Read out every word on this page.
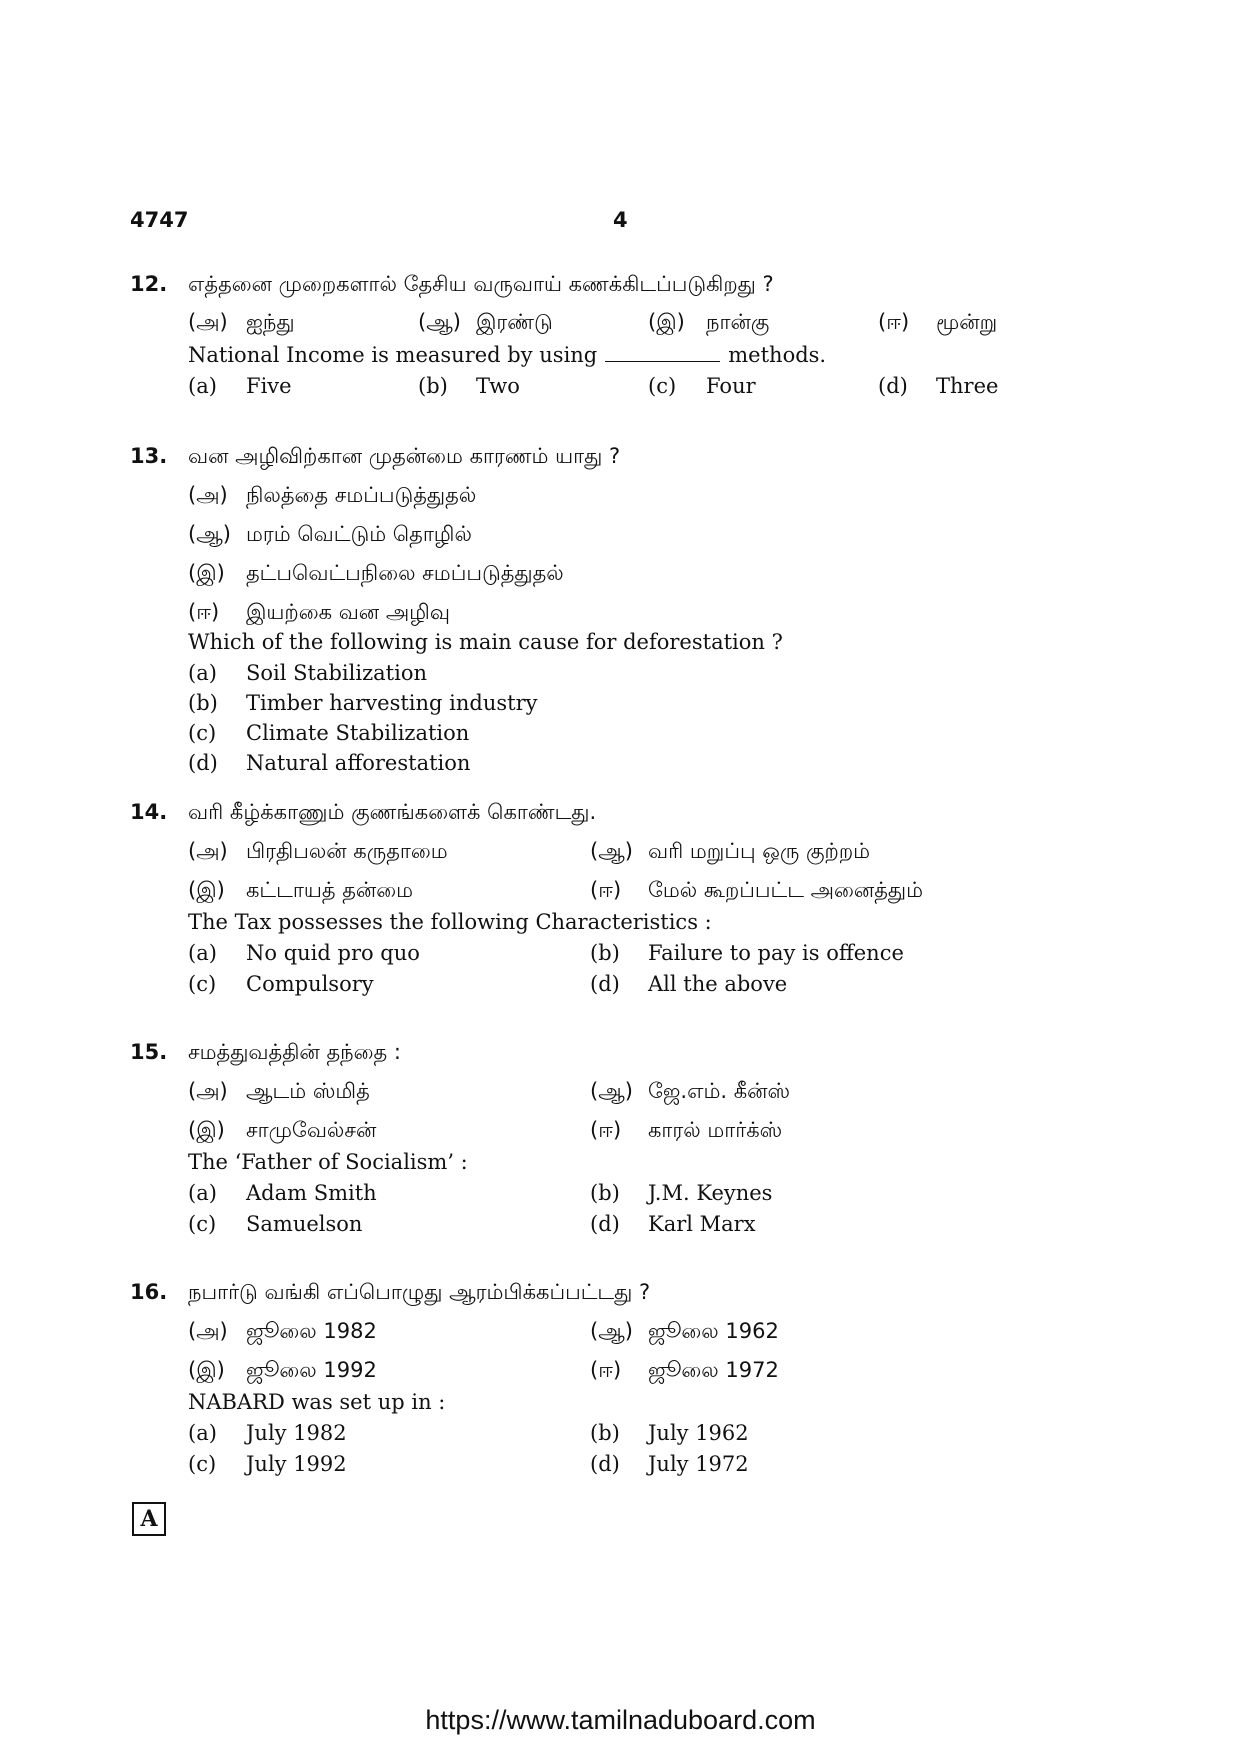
4747	4
12. எத்தனை முறைகளால் தேசிய வருவாய் கணக்கிடப்படுகிறது ?
(அ) ஐந்து	(ஆ) இரண்டு	(இ) நான்கு	(ஈ) மூன்று
National Income is measured by using	methods.
(a) Five	(b) Two	(c) Four	(d) Three
13. வன அழிவிற்கான முதன்மை காரணம் யாது ?
(அ) நிலத்தை சமப்படுத்துதல்
(ஆ) மரம் வெட்டும் தொழில்
(இ) தட்பவெட்பநிலை சமப்படுத்துதல்
(ஈ) இயற்கை வன அழிவு
Which of the following is main cause for deforestation ?
(a) Soil Stabilization
(b) Timber harvesting industry
(c) Climate Stabilization
(d) Natural afforestation
14. வரி கீழ்க்காணும் குணங்களைக் கொண்டது.
(அ) பிரதிபலன் கருதாமை	(ஆ) வரி மறுப்பு ஒரு குற்றம்
(இ) கட்டாயத் தன்மை	(ஈ) மேல் கூறப்பட்ட அனைத்தும்
The Tax possesses the following Characteristics :
(a) No quid pro quo	(b) Failure to pay is offence
(c) Compulsory	(d) All the above
15. சமத்துவத்தின் தந்தை :
(அ) ஆடம் ஸ்மித்	(ஆ) ஜே.எம். கீன்ஸ்
(இ) சாமுவேல்சன்	(ஈ) காரல் மார்க்ஸ்
The ‘Father of Socialism’ :
(a) Adam Smith	(b) J.M. Keynes
(c) Samuelson	(d) Karl Marx
16. நபார்டு வங்கி எப்பொழுது ஆரம்பிக்கப்பட்டது ?
(அ) ஜூலை 1982	(ஆ) ஜூலை 1962
(இ) ஜூலை 1992	(ஈ) ஜூலை 1972
NABARD was set up in :
(a) July 1982	(b) July 1962
(c) July 1992	(d) July 1972
A
https://www.tamilnaduboard.com
